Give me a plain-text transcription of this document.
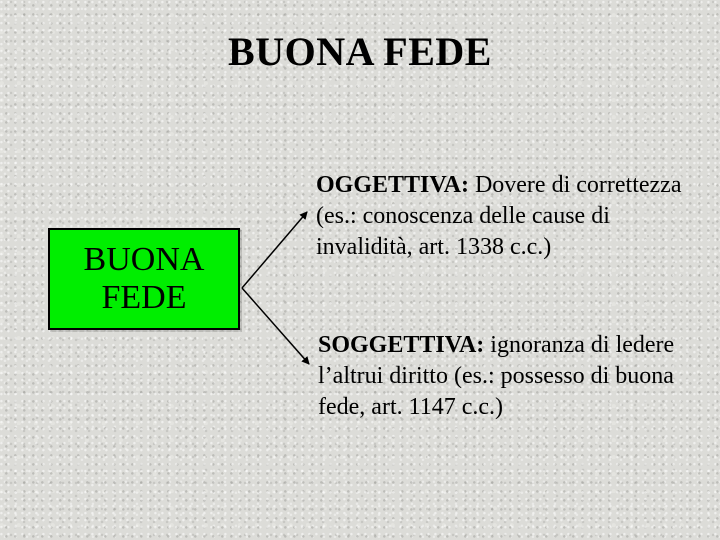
BUONA FEDE
BUONA
FEDE

OGGETTIVA: Dovere di correttezza (es.: conoscenza delle cause di invalidità, art. 1338 c.c.)

SOGGETTIVA: ignoranza di ledere l’altrui diritto (es.: possesso di buona fede, art. 1147 c.c.)
